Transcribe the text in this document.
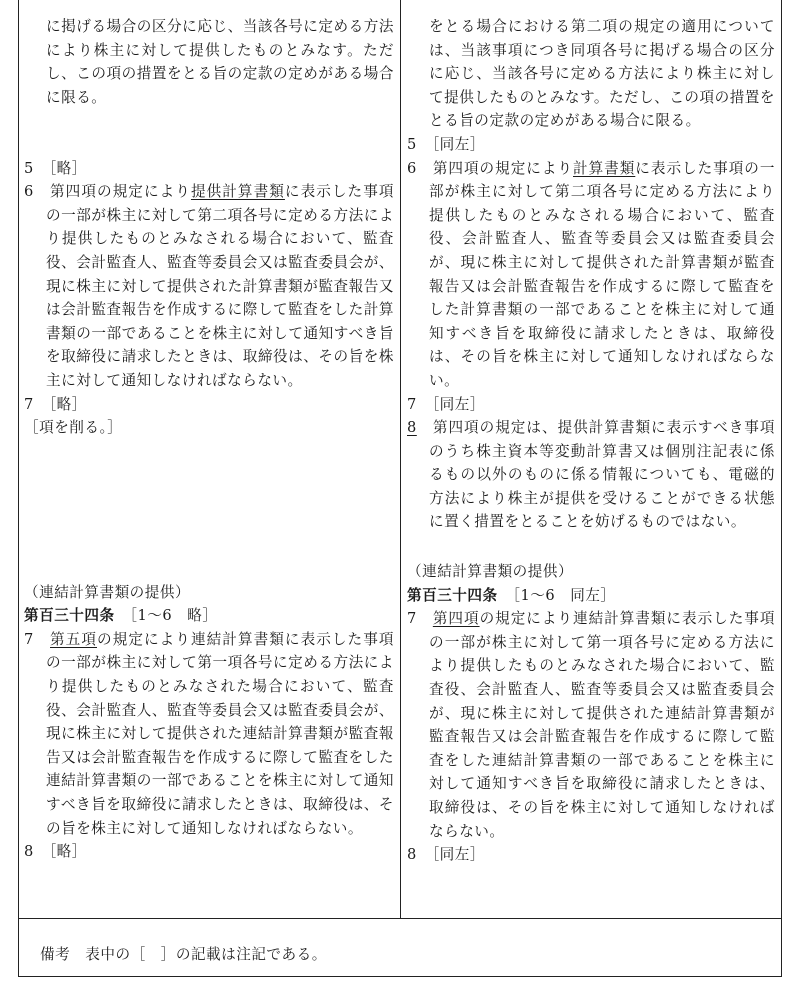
に掲げる場合の区分に応じ、当該各号に定める方法により株主に対して提供したものとみなす。ただし、この項の措置をとる旨の定款の定めがある場合に限る。

5　［略］

6　第四項の規定により提供計算書類に表示した事項の一部が株主に対して第二項各号に定める方法により提供したものとみなされる場合において、監査役、会計監査人、監査等委員会又は監査委員会が、現に株主に対して提供された計算書類が監査報告又は会計監査報告を作成するに際して監査をした計算書類の一部であることを株主に対して通知すべき旨を取締役に請求したときは、取締役は、その旨を株主に対して通知しなければならない。

7　［略］

［項を削る。］

（連結計算書類の提供）

第百三十四条　［1～6　略］

7　第五項の規定により連結計算書類に表示した事項の一部が株主に対して第一項各号に定める方法により提供したものとみなされた場合において、監査役、会計監査人、監査等委員会又は監査委員会が、現に株主に対して提供された連結計算書類が監査報告又は会計監査報告を作成するに際して監査をした連結計算書類の一部であることを株主に対して通知すべき旨を取締役に請求したときは、取締役は、その旨を株主に対して通知しなければならない。

8　［略］

をとる場合における第二項の規定の適用については、当該事項につき同項各号に掲げる場合の区分に応じ、当該各号に定める方法により株主に対して提供したものとみなす。ただし、この項の措置をとる旨の定款の定めがある場合に限る。

5　［同左］

6　第四項の規定により計算書類に表示した事項の一部が株主に対して第二項各号に定める方法により提供したものとみなされる場合において、監査役、会計監査人、監査等委員会又は監査委員会が、現に株主に対して提供された計算書類が監査報告又は会計監査報告を作成するに際して監査をした計算書類の一部であることを株主に対して通知すべき旨を取締役に請求したときは、取締役は、その旨を株主に対して通知しなければならない。

7　［同左］

8　第四項の規定は、提供計算書類に表示すべき事項のうち株主資本等変動計算書又は個別注記表に係るもの以外のものに係る情報についても、電磁的方法により株主が提供を受けることができる状態に置く措置をとることを妨げるものではない。

（連結計算書類の提供）

第百三十四条　［1～6　同左］

7　第四項の規定により連結計算書類に表示した事項の一部が株主に対して第一項各号に定める方法により提供したものとみなされた場合において、監査役、会計監査人、監査等委員会又は監査委員会が、現に株主に対して提供された連結計算書類が監査報告又は会計監査報告を作成するに際して監査をした連結計算書類の一部であることを株主に対して通知すべき旨を取締役に請求したときは、取締役は、その旨を株主に対して通知しなければならない。

8　［同左］

備考　表中の［　］の記載は注記である。
